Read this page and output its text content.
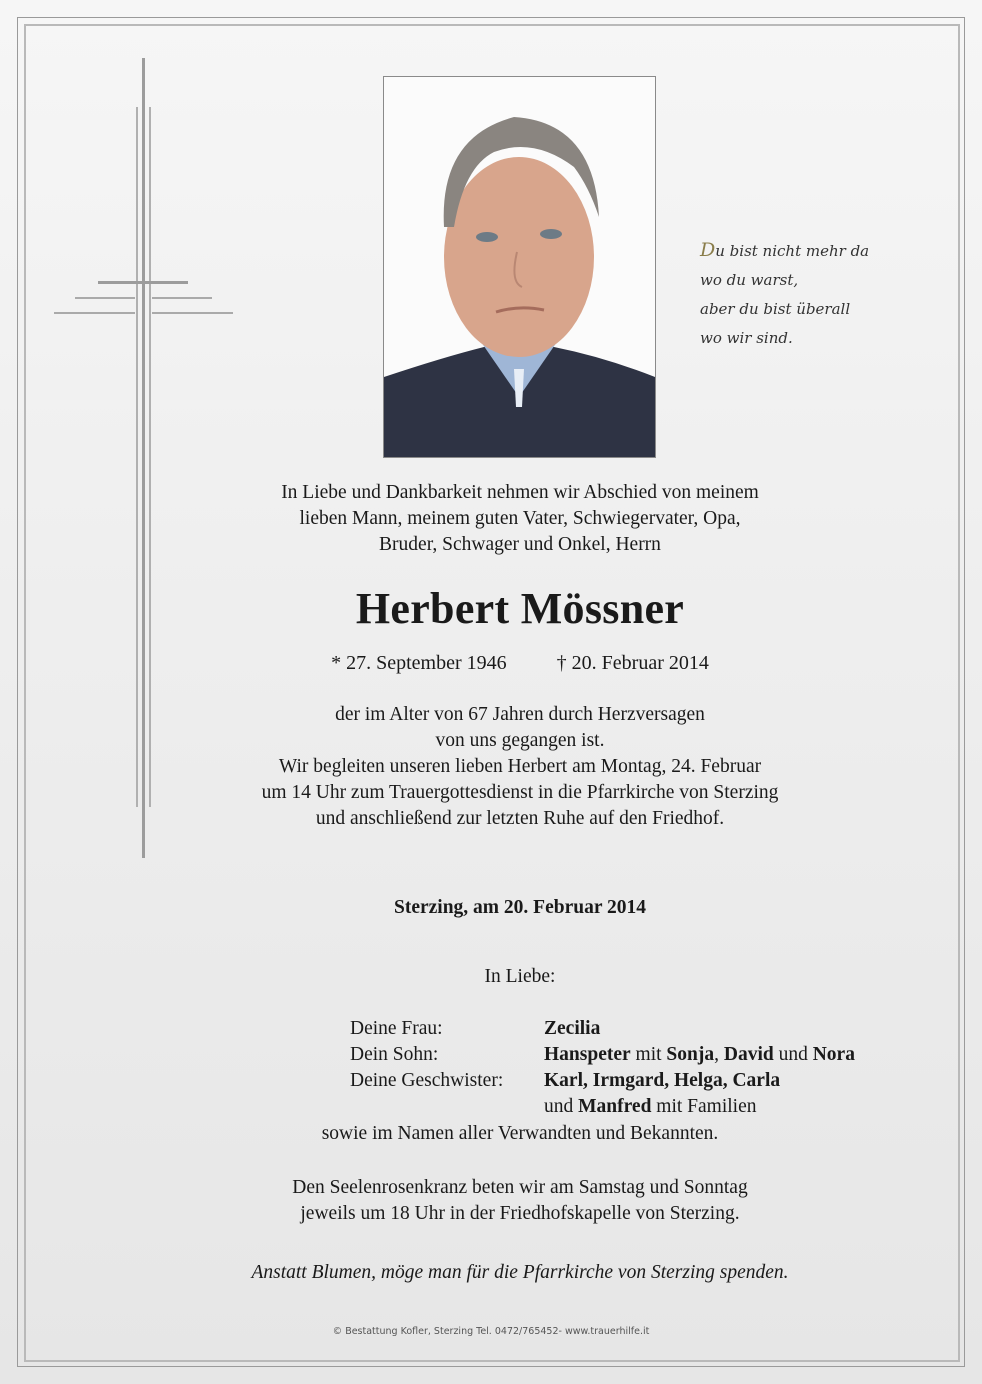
Du bist nicht mehr da
wo du warst,
aber du bist überall
wo wir sind.
In Liebe und Dankbarkeit nehmen wir Abschied von meinem
lieben Mann, meinem guten Vater, Schwiegervater, Opa,
Bruder, Schwager und Onkel, Herrn
Herbert Mössner
* 27. September 1946	† 20. Februar 2014
der im Alter von 67 Jahren durch Herzversagen
von uns gegangen ist.
Wir begleiten unseren lieben Herbert am Montag, 24. Februar
um 14 Uhr zum Trauergottesdienst in die Pfarrkirche von Sterzing
und anschließend zur letzten Ruhe auf den Friedhof.
Sterzing, am 20. Februar 2014
In Liebe:
Deine Frau:	Zecilia
Dein Sohn:	Hanspeter mit Sonja, David und Nora
Deine Geschwister:	Karl, Irmgard, Helga, Carla
und Manfred mit Familien
sowie im Namen aller Verwandten und Bekannten.
Den Seelenrosenkranz beten wir am Samstag und Sonntag
jeweils um 18 Uhr in der Friedhofskapelle von Sterzing.
Anstatt Blumen, möge man für die Pfarrkirche von Sterzing spenden.
© Bestattung Kofler, Sterzing Tel. 0472/765452- www.trauerhilfe.it
